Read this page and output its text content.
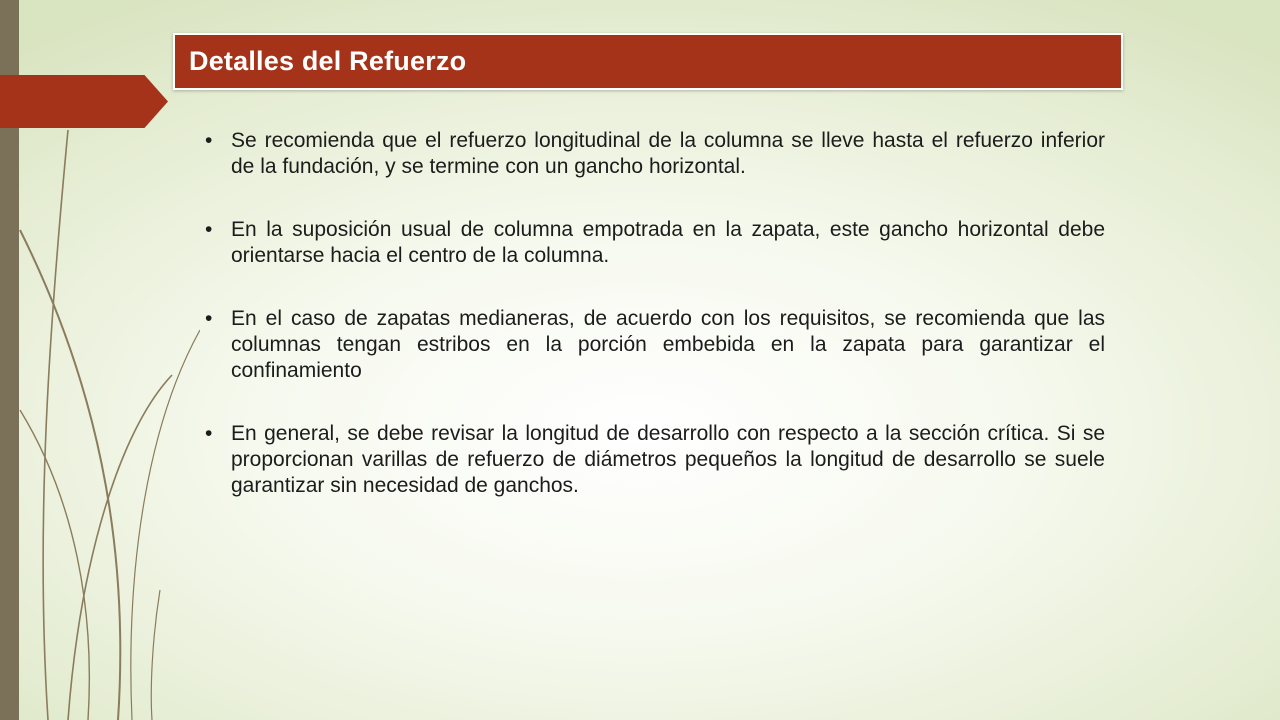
Detalles del Refuerzo
• Se recomienda que el refuerzo longitudinal de la columna se lleve hasta el refuerzo inferior de la fundación, y se termine con un gancho horizontal.
• En la suposición usual de columna empotrada en la zapata, este gancho horizontal debe orientarse hacia el centro de la columna.
• En el caso de zapatas medianeras, de acuerdo con los requisitos, se recomienda que las columnas tengan estribos en la porción embebida en la zapata para garantizar el confinamiento
• En general, se debe revisar la longitud de desarrollo con respecto a la sección crítica. Si se proporcionan varillas de refuerzo de diámetros pequeños la longitud de desarrollo se suele garantizar sin necesidad de ganchos.
